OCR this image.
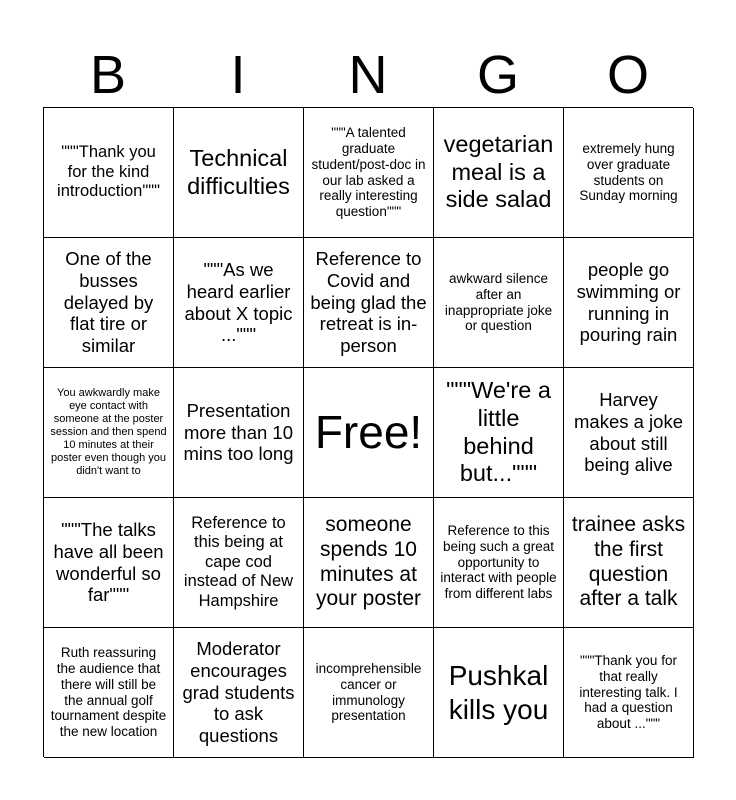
B	I	N	G	O
"""Thank you for the kind introduction"""
Technical difficulties
"""A talented graduate student/post-doc in our lab asked a really interesting question"""
vegetarian meal is a side salad
extremely hung over graduate students on Sunday morning
One of the busses delayed by flat tire or similar
"""As we heard earlier about X topic ..."""
Reference to Covid and being glad the retreat is in-person
awkward silence after an inappropriate joke or question
people go swimming or running in pouring rain
You awkwardly make eye contact with someone at the poster session and then spend 10 minutes at their poster even though you didn't want to
Presentation more than 10 mins too long Free!
"""We're a little behind but..."""
Harvey makes a joke about still being alive
"""The talks have all been wonderful so far"""
Reference to this being at cape cod instead of New Hampshire
someone spends 10 minutes at your poster
Reference to this being such a great opportunity to interact with people from different labs
trainee asks the first question after a talk
Ruth reassuring the audience that there will still be the annual golf tournament despite the new location
Moderator encourages grad students to ask questions
incomprehensible cancer or immunology presentation
Pushkal kills you
"""Thank you for that really interesting talk. I had a question about ..."""
